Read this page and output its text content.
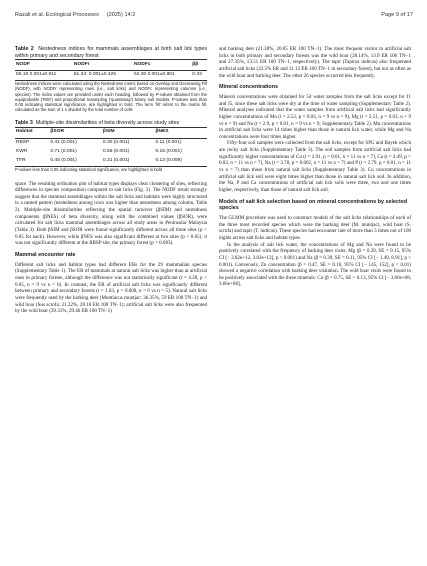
Razali et al. Ecological Processes (2025) 14:2	Page 9 of 17

Table 2 Nestedness indices for mammals assemblages at both salt lick types within primary and secondary forest

NODF	NODFr	NODFc	ββ
55.18 0.001±0.911	61.34: 0.001±0.425	52.30 0.001±0.801	0.33

Nestedness indices were calculated using the Nestedness metric based on Overlap and Decreasing Fill (NODF), with NODFr representing rows (i.e., salt licks) and NODFc representing columns (i.e., species). The index values are provided under each heading, followed by P-values obtained from the equiprobable ('R00') and proportional resampling ('quasiswap') binary null models. P-values less than 0.05 indicating statistical significance, are highlighted in bold. The term 'fill' refers to the matrix fill, calculated as the sum of 1 s divided by the total number of cells

Table 3 Multiple-site dissimilarities of beta diversity across study sites

Habitat	βSOR	βSIM	βNES
RBSP	0.41 (0.001)	0.30 (0.001)	0.11 (0.001)
KWR	0.71 (0.001)	0.56 (0.001)	0.15 (0.001)
TFR	0.45 (0.001)	0.31 (0.001)	0.13 (0.009)

P-values less than 0.05 indicating statistical significance, are highlighted in bold

space. The resulting ordination plot of habitat types displays clear clustering of sites, reflecting differences in species composition compared to salt licks (Fig. 3). The NODF result strongly suggest that the mammal assemblages within the salt licks and habitats were highly structured in a nested pattern (nestedness among rows was higher than nestedness among column, Table 2). Multiple-site dissimilarities reflecting the spatial turnover (βSIM) and nestedness components (βNES) of beta diversity, along with the combined values (βSOR), were calculated for salt licks mammal assemblages across all study areas in Peninsular Malaysia (Table 3). Both βSIM and βSOR were found significantly different across all three sites (p < 0.05 for each). However, while βNES was also significant different at two sites (p < 0.05), it was not significantly different at the RBSP site, the primary forest (p = 0.083).

Mammal encounter rate

Different salt licks and habitat types had different ERs for the 29 mammalian species (Supplementary Table 1). The ER of mammals at natural salt licks was higher than at artificial ones in primary forests, although the difference was not statistically significant (t = 4.28, p > 0.05, n = 9 vs n = 6). In contrast, the ER of artificial salt licks was significantly different between primary and secondary forests (t = 1.03, p = 0.008, n = 6 vs n = 5). Natural salt licks were frequently used by the barking deer (Muntiacus muntjac; 36.35%, 59 ER 100 TN−1) and wild boar (Sus scrofa; 21.22%, 28.18 ER 100 TN−1); artificial salt licks were also frequented by the wild boar (39.31%, 29.46 ER 100 TN−1)

and barking deer (21.38%, 20.05 ER 100 TN−1). The most frequent visitor to artificial salt licks in both primary and secondary forests was the wild boar (28.14%, 13.9 ER 100 TN−1 and 27.35%, 13.51 ER 100 TN−1, respectively). The tapir (Tapirus indicus) also frequented artificial salt licks (22.5% ER and 11.12 ER 100 TN−1 in secondary forest), but not as often as the wild boar and barking deer. The other 26 species occurred less frequently.

Mineral concentrations

Mineral concentrations were obtained for 54 water samples from the salt licks except for J1 and J5, since these salt licks were dry at the time of water sampling (Supplementary Table 2). Mineral analyses indicated that the water samples from artificial salt licks had significantly higher concentrations of Mn (t = 2.52, p = 0.03, n = 9 vs n = 9), Mg (t = 2.51, p = 0.03, n = 9 vs n = 9) and Na (t = 2.9, p = 0.01, n = 9 vs n = 9; Supplementary Table 2). Mn concentrations in artificial salt licks were 14 times higher than those in natural lick water, while Mg and Na concentrations were four times higher.

Fifty-four soil samples were collected from the salt licks, except for SPU and Bayek which are rocky salt licks (Supplementary Table 3). The soil samples from artificial salt licks had significantly higher concentrations of Cu (t = 2.91, p = 0.01, n = 11 vs n = 7), Ca (t = 2.49, p = 0.03, n = 11 vs n = 7), Na (t = 3.78, p = 0.002, n = 11 vs n = 7) and P (t = 2.79, p = 0.01, n = 11 vs n = 7) than those from natural salt licks (Supplementary Table 3). Cu concentrations in artificial salt lick soil were eight times higher than those in natural salt lick soil. In addition, the Na, P and Ca concentrations of artificial salt lick soils were three, two and one times higher, respectively, than those of natural salt lick soil.

Models of salt lick selection based on mineral concentrations by selected species

The GLMM procedure was used to construct models of the salt licks relationships of each of the three most recorded species which were the barking deer (M. muntjac), wild boar (S. scrofa) and tapir (T. indicus). These species had encounter rate of more than 5 times out of 100 nights across salt licks and habitat types.

In the analysis of salt lick water, the concentrations of Mg and Na were found to be positively correlated with the frequency of barking deer visits: Mg (β = 0.39, SE = 0.15, 95% CI [− 3.82e+12, 3.82e+12], p < 0.001) and Na (β = 0.39, SE = 0.11, 95% CI [− 1.49, 8.91], p < 0.001). Conversely, Zn concentration (β = 0.47, SE = 0.16, 95% CI [− 145, 152], p < 0.01) showed a negative correlation with barking deer visitation. The wild boar visits were found to be positively associated with the three minerals: Cu (β = 0.75, SE = 0.13, 95% CI [− 3.66e+08, 3.66e+08],
